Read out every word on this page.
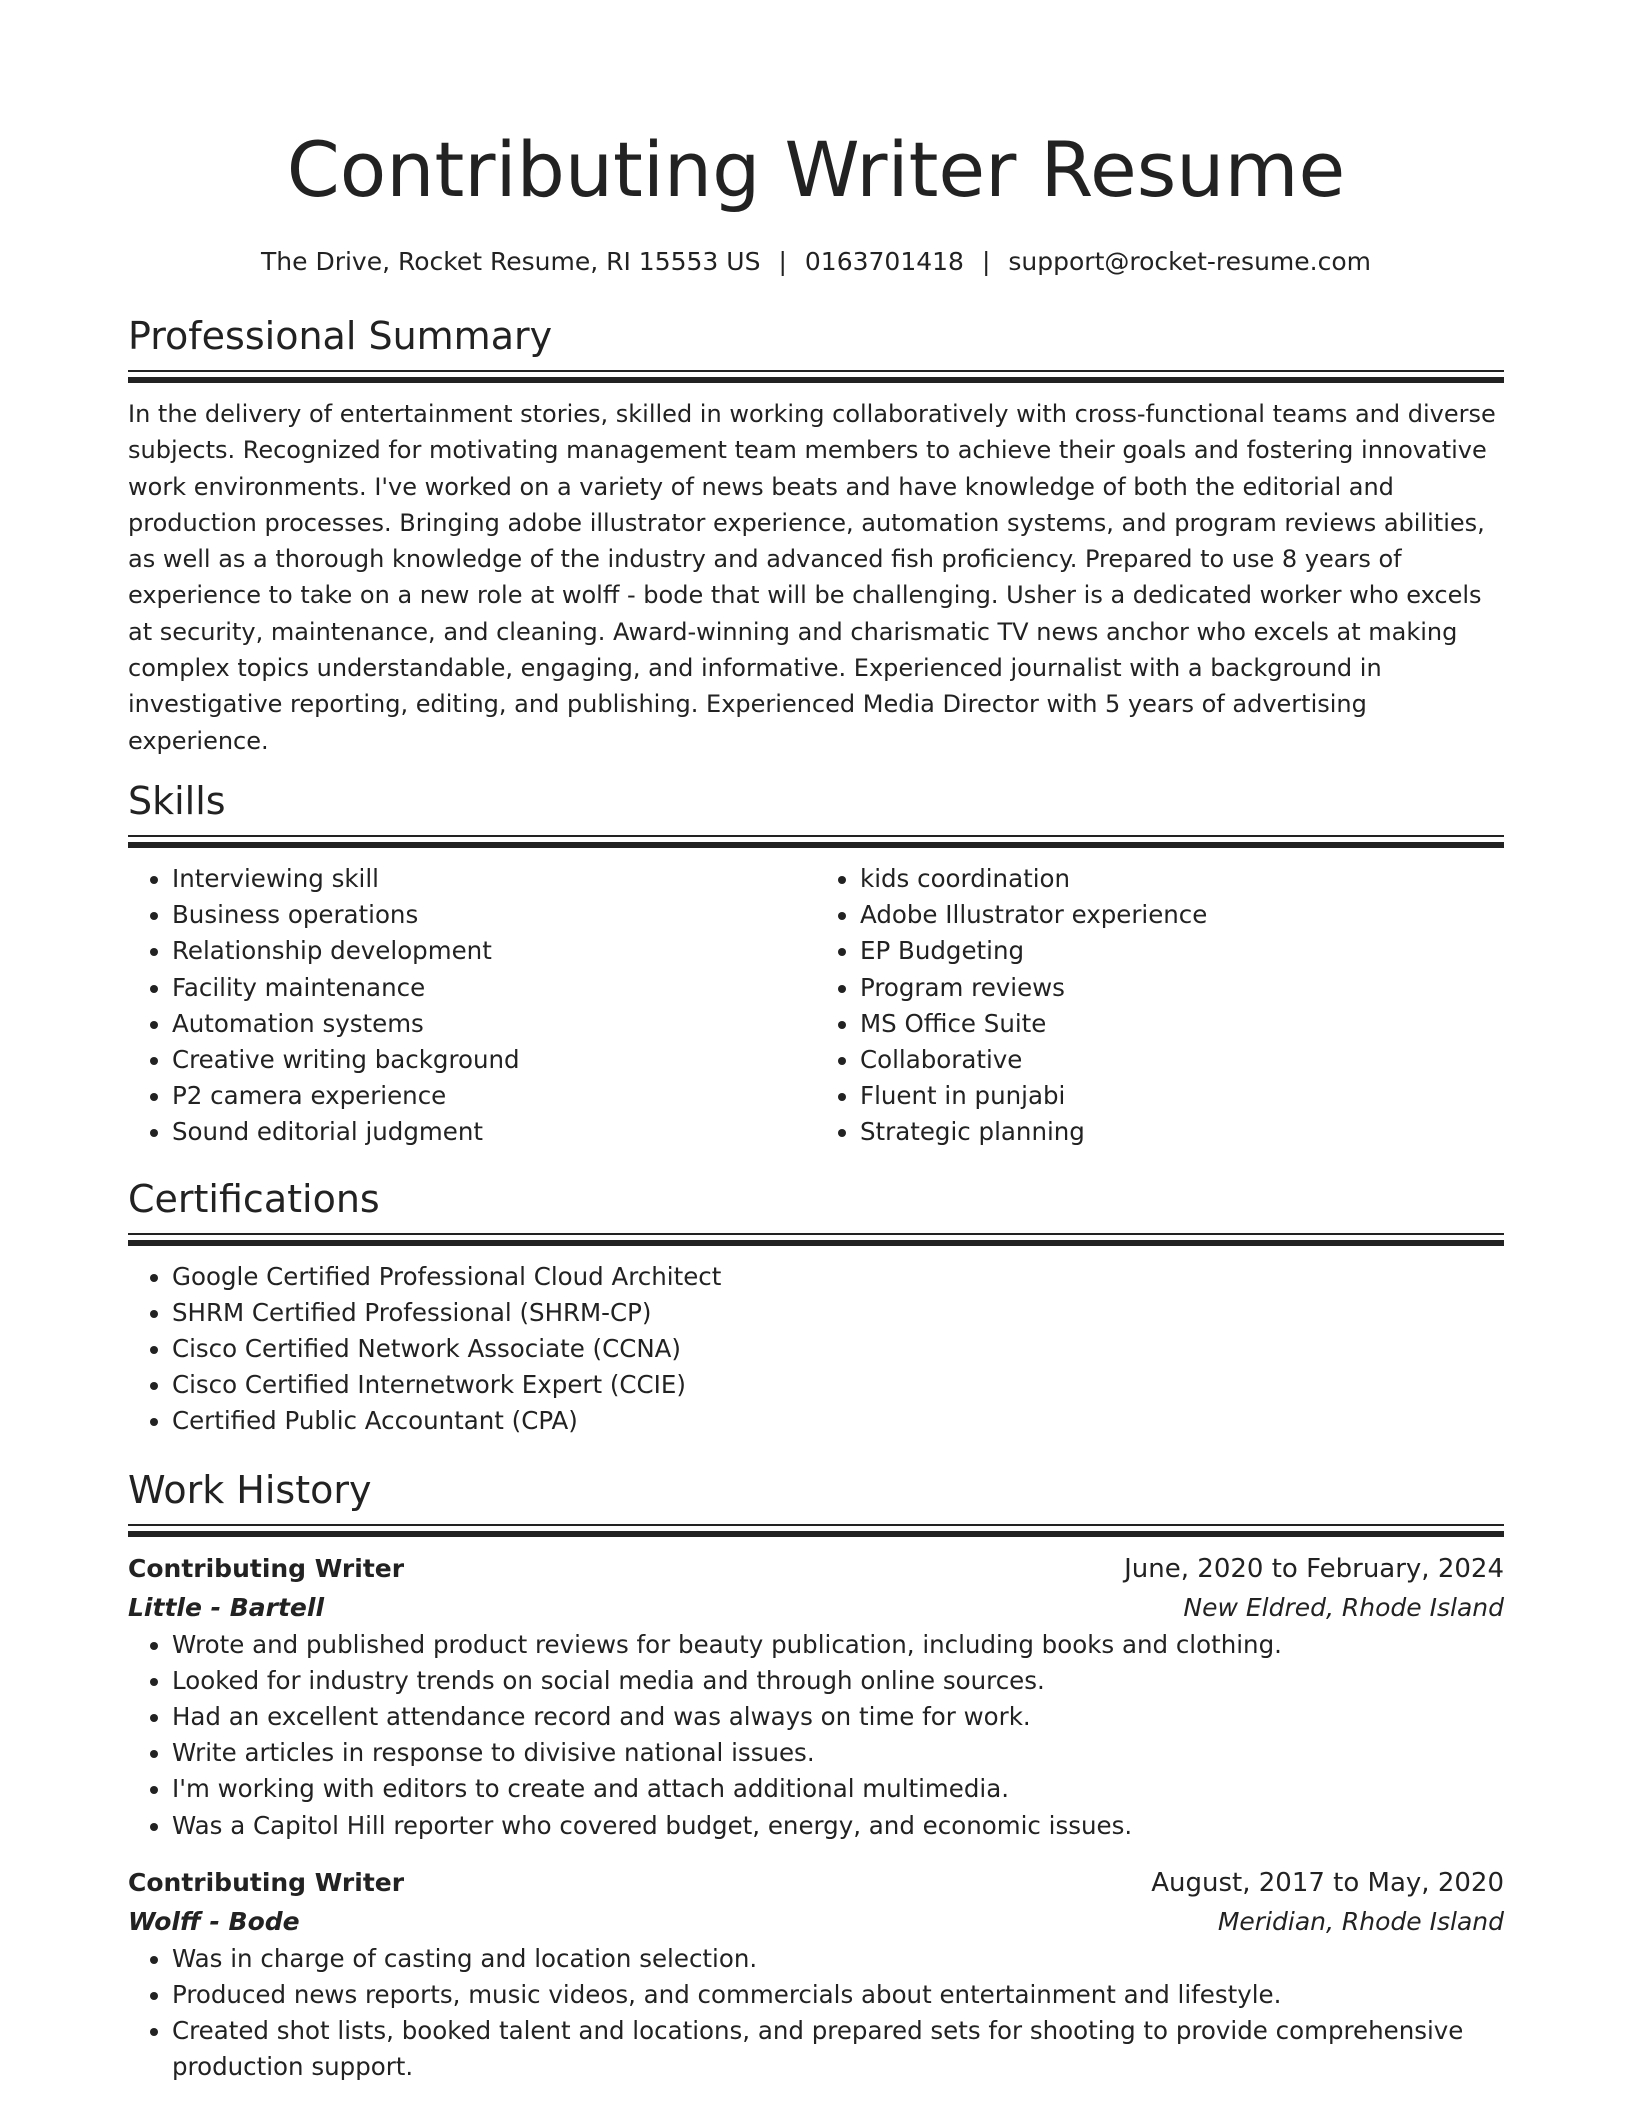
Contributing Writer Resume
The Drive, Rocket Resume, RI 15553 US | 0163701418 | support@rocket-resume.com
Professional Summary

In the delivery of entertainment stories, skilled in working collaboratively with cross-functional teams and diverse subjects. Recognized for motivating management team members to achieve their goals and fostering innovative work environments. I've worked on a variety of news beats and have knowledge of both the editorial and production processes. Bringing adobe illustrator experience, automation systems, and program reviews abilities, as well as a thorough knowledge of the industry and advanced fish proficiency. Prepared to use 8 years of experience to take on a new role at wolff - bode that will be challenging. Usher is a dedicated worker who excels at security, maintenance, and cleaning. Award-winning and charismatic TV news anchor who excels at making complex topics understandable, engaging, and informative. Experienced journalist with a background in investigative reporting, editing, and publishing. Experienced Media Director with 5 years of advertising experience.

Skills
• Interviewing skill
• Business operations
• Relationship development
• Facility maintenance
• Automation systems
• Creative writing background
• P2 camera experience
• Sound editorial judgment
• kids coordination
• Adobe Illustrator experience
• EP Budgeting
• Program reviews
• MS Office Suite
• Collaborative
• Fluent in punjabi
• Strategic planning
Certifications
• Google Certified Professional Cloud Architect
• SHRM Certified Professional (SHRM-CP)
• Cisco Certified Network Associate (CCNA)
• Cisco Certified Internetwork Expert (CCIE)
• Certified Public Accountant (CPA)
Work History
Contributing Writer	June, 2020 to February, 2024
Little - Bartell	New Eldred, Rhode Island
• Wrote and published product reviews for beauty publication, including books and clothing.
• Looked for industry trends on social media and through online sources.
• Had an excellent attendance record and was always on time for work.
• Write articles in response to divisive national issues.
• I'm working with editors to create and attach additional multimedia.
• Was a Capitol Hill reporter who covered budget, energy, and economic issues.
Contributing Writer	August, 2017 to May, 2020
Wolff - Bode	Meridian, Rhode Island
• Was in charge of casting and location selection.
• Produced news reports, music videos, and commercials about entertainment and lifestyle.
• Created shot lists, booked talent and locations, and prepared sets for shooting to provide comprehensive production support.
